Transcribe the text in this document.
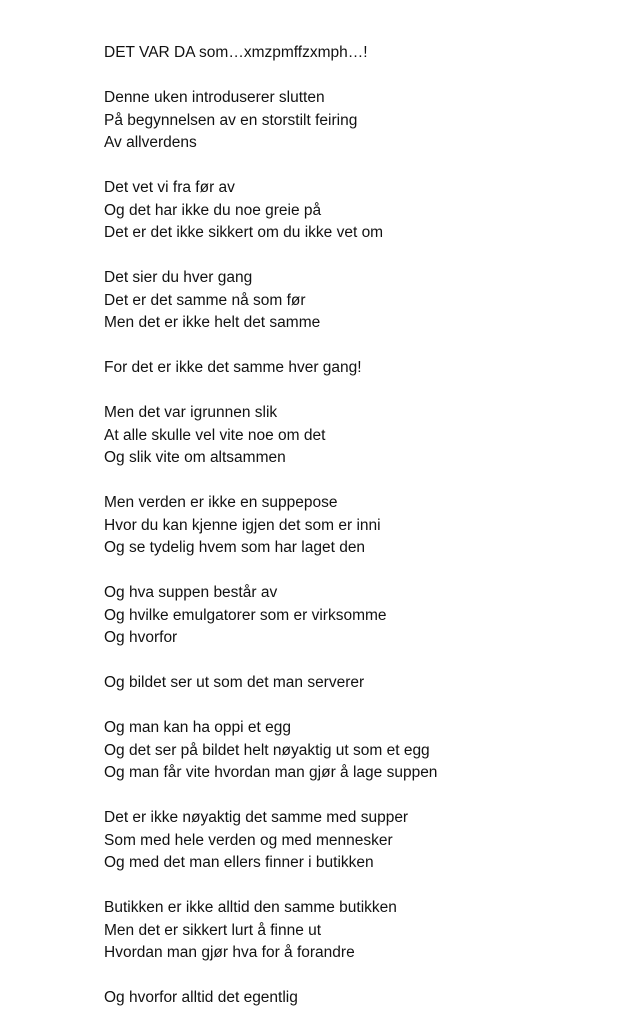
DET VAR DA som…xmzpmffzxmph…!
Denne uken introduserer slutten
På begynnelsen av en storstilt feiring
Av allverdens
Det vet vi fra før av
Og det har ikke du noe greie på
Det er det ikke sikkert om du ikke vet om
Det sier du hver gang
Det er det samme nå som før
Men det er ikke helt det samme
For det er ikke det samme hver gang!
Men det var igrunnen slik
At alle skulle vel vite noe om det
Og slik vite om altsammen
Men verden er ikke en suppepose
Hvor du kan kjenne igjen det som er inni
Og se tydelig hvem som har laget den
Og hva suppen består av
Og hvilke emulgatorer som er virksomme
Og hvorfor
Og bildet ser ut som det man serverer
Og man kan ha oppi et egg
Og det ser på bildet helt nøyaktig ut som et egg
Og man får vite hvordan man gjør å lage suppen
Det er ikke nøyaktig det samme med supper
Som med hele verden og med mennesker
Og med det man ellers finner i butikken
Butikken er ikke alltid den samme butikken
Men det er sikkert lurt å finne ut
Hvordan man gjør hva for å forandre
Og hvorfor alltid det egentlig
